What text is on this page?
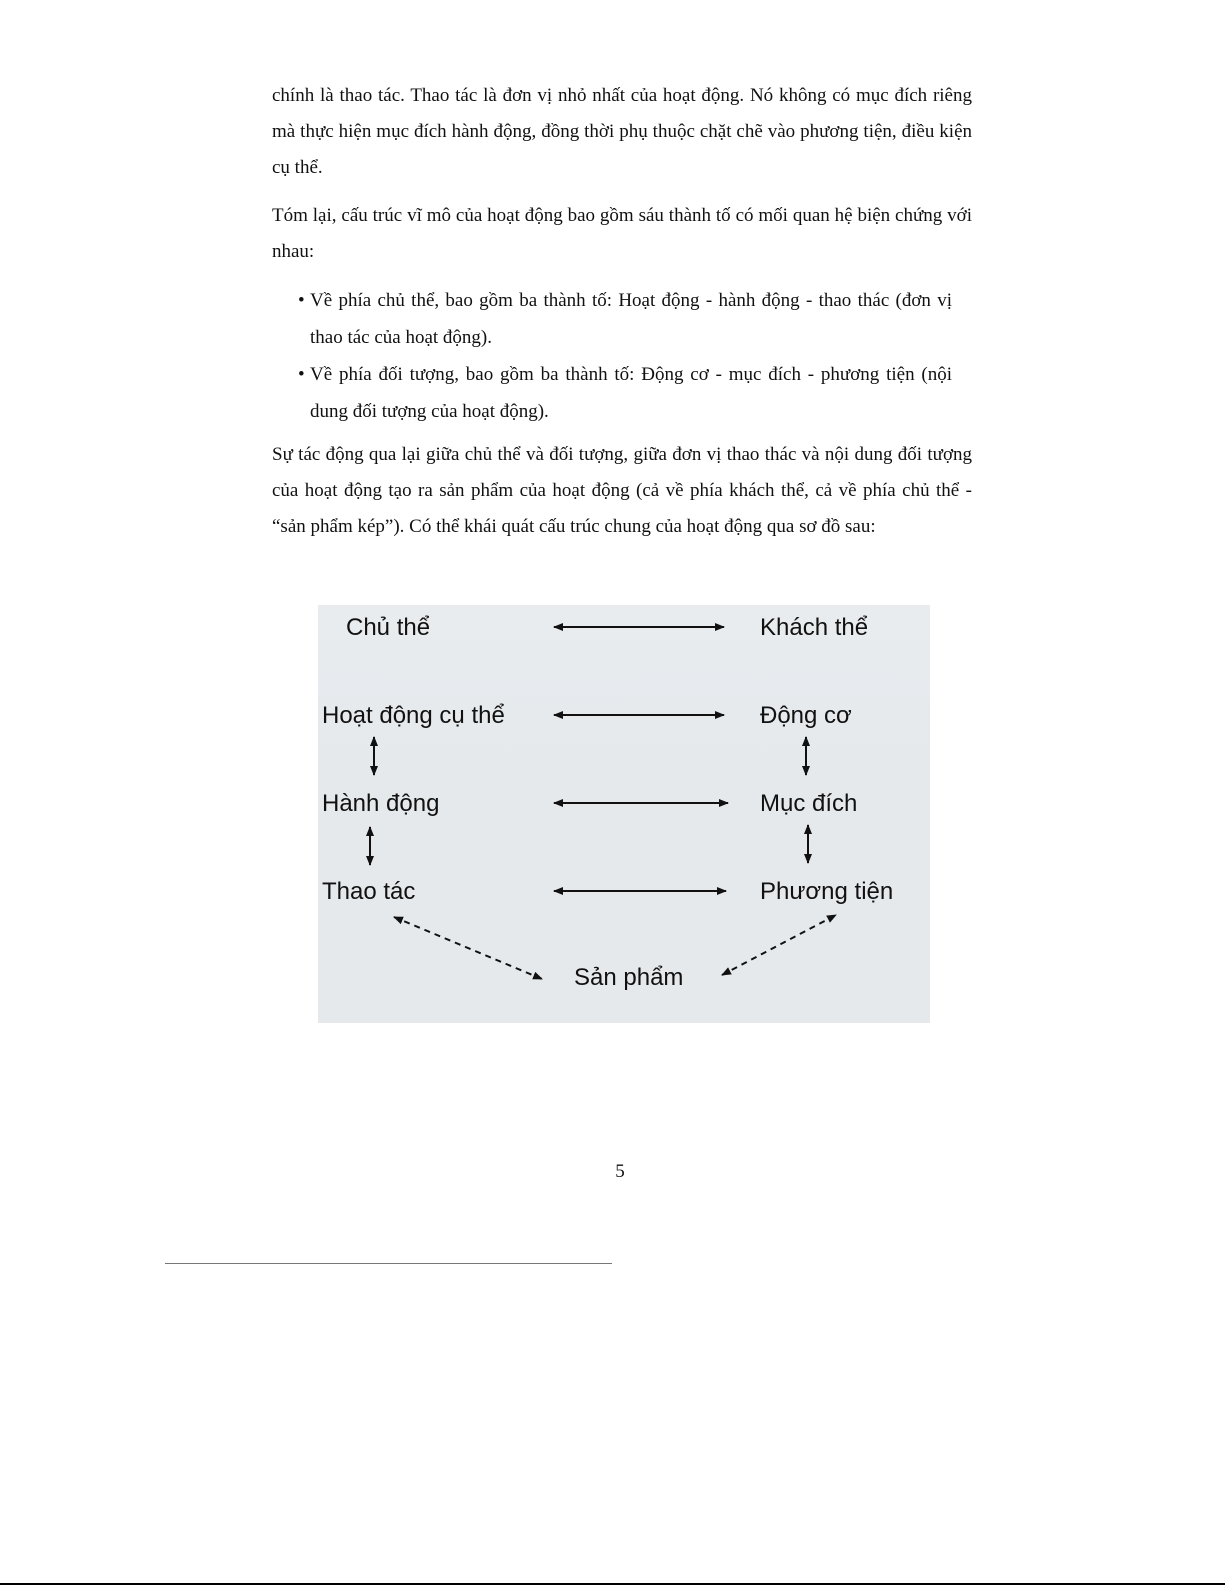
chính là thao tác. Thao tác là đơn vị nhỏ nhất của hoạt động. Nó không có mục đích riêng mà thực hiện mục đích hành động, đồng thời phụ thuộc chặt chẽ vào phương tiện, điều kiện cụ thể.

Tóm lại, cấu trúc vĩ mô của hoạt động bao gồm sáu thành tố có mối quan hệ biện chứng với nhau:

• Về phía chủ thể, bao gồm ba thành tố: Hoạt động - hành động - thao thác (đơn vị thao tác của hoạt động).

• Về phía đối tượng, bao gồm ba thành tố: Động cơ - mục đích - phương tiện (nội dung đối tượng của hoạt động).

Sự tác động qua lại giữa chủ thể và đối tượng, giữa đơn vị thao thác và nội dung đối tượng của hoạt động tạo ra sản phẩm của hoạt động (cả về phía khách thể, cả về phía chủ thể - “sản phẩm kép”). Có thể khái quát cấu trúc chung của hoạt động qua sơ đồ sau:

Chủ thể
Hoạt động cụ thể
Hành động
Thao tác
Khách thể
Động cơ
Mục đích
Phương tiện
Sản phẩm
5
